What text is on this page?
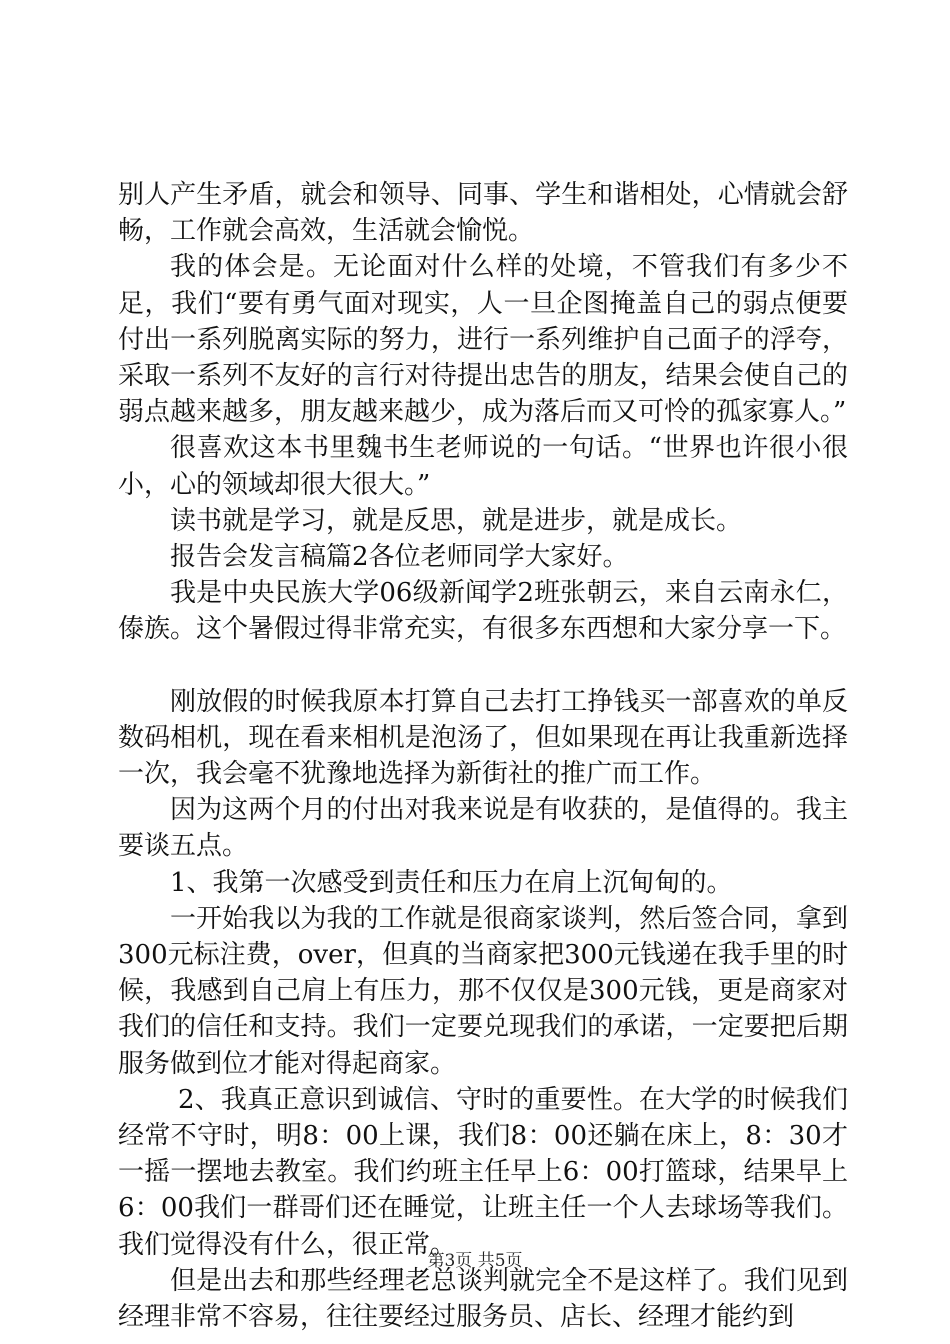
别人产生矛盾，就会和领导、同事、学生和谐相处，心情就会舒畅，工作就会高效，生活就会愉悦。

我的体会是。无论面对什么样的处境，不管我们有多少不足，我们“要有勇气面对现实，人一旦企图掩盖自己的弱点便要付出一系列脱离实际的努力，进行一系列维护自己面子的浮夸，采取一系列不友好的言行对待提出忠告的朋友，结果会使自己的弱点越来越多，朋友越来越少，成为落后而又可怜的孤家寡人。”

很喜欢这本书里魏书生老师说的一句话。“世界也许很小很小，心的领域却很大很大。”

读书就是学习，就是反思，就是进步，就是成长。

报告会发言稿篇2各位老师同学大家好。

我是中央民族大学06级新闻学2班张朝云，来自云南永仁，傣族。这个暑假过得非常充实，有很多东西想和大家分享一下。

刚放假的时候我原本打算自己去打工挣钱买一部喜欢的单反数码相机，现在看来相机是泡汤了，但如果现在再让我重新选择一次，我会毫不犹豫地选择为新街社的推广而工作。

因为这两个月的付出对我来说是有收获的，是值得的。我主要谈五点。

1、我第一次感受到责任和压力在肩上沉甸甸的。

一开始我以为我的工作就是很商家谈判，然后签合同，拿到300元标注费，over，但真的当商家把300元钱递在我手里的时候，我感到自己肩上有压力，那不仅仅是300元钱，更是商家对我们的信任和支持。我们一定要兑现我们的承诺，一定要把后期服务做到位才能对得起商家。

2、我真正意识到诚信、守时的重要性。在大学的时候我们经常不守时，明8：00上课，我们8：00还躺在床上，8：30才一摇一摆地去教室。我们约班主任早上6：00打篮球，结果早上6：00我们一群哥们还在睡觉，让班主任一个人去球场等我们。我们觉得没有什么，很正常。

但是出去和那些经理老总谈判就完全不是这样了。我们见到经理非常不容易，往往要经过服务员、店长、经理才能约到

第3页 共5页
